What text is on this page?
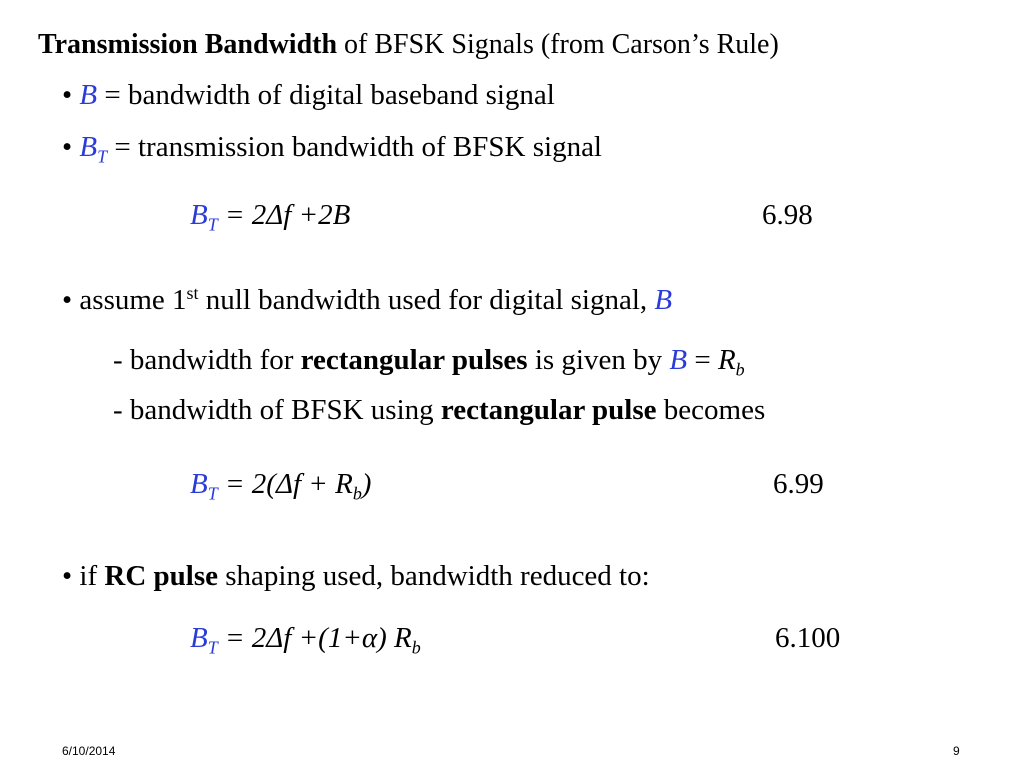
Transmission Bandwidth of BFSK Signals (from Carson’s Rule)
• B = bandwidth of digital baseband signal
• $B_T$ = transmission bandwidth of BFSK signal
$B_T = 2\Delta f +2B$	6.98
• assume 1st null bandwidth used for digital signal, B
- bandwidth for rectangular pulses is given by $B = R_b$
- bandwidth of BFSK using rectangular pulse becomes
$B_T = 2(\Delta f + R_b)$	6.99
• if RC pulse shaping used, bandwidth reduced to:
$B_T = 2\Delta f +(1+\alpha)$ $R_b$	6.100
6/10/2014	9
